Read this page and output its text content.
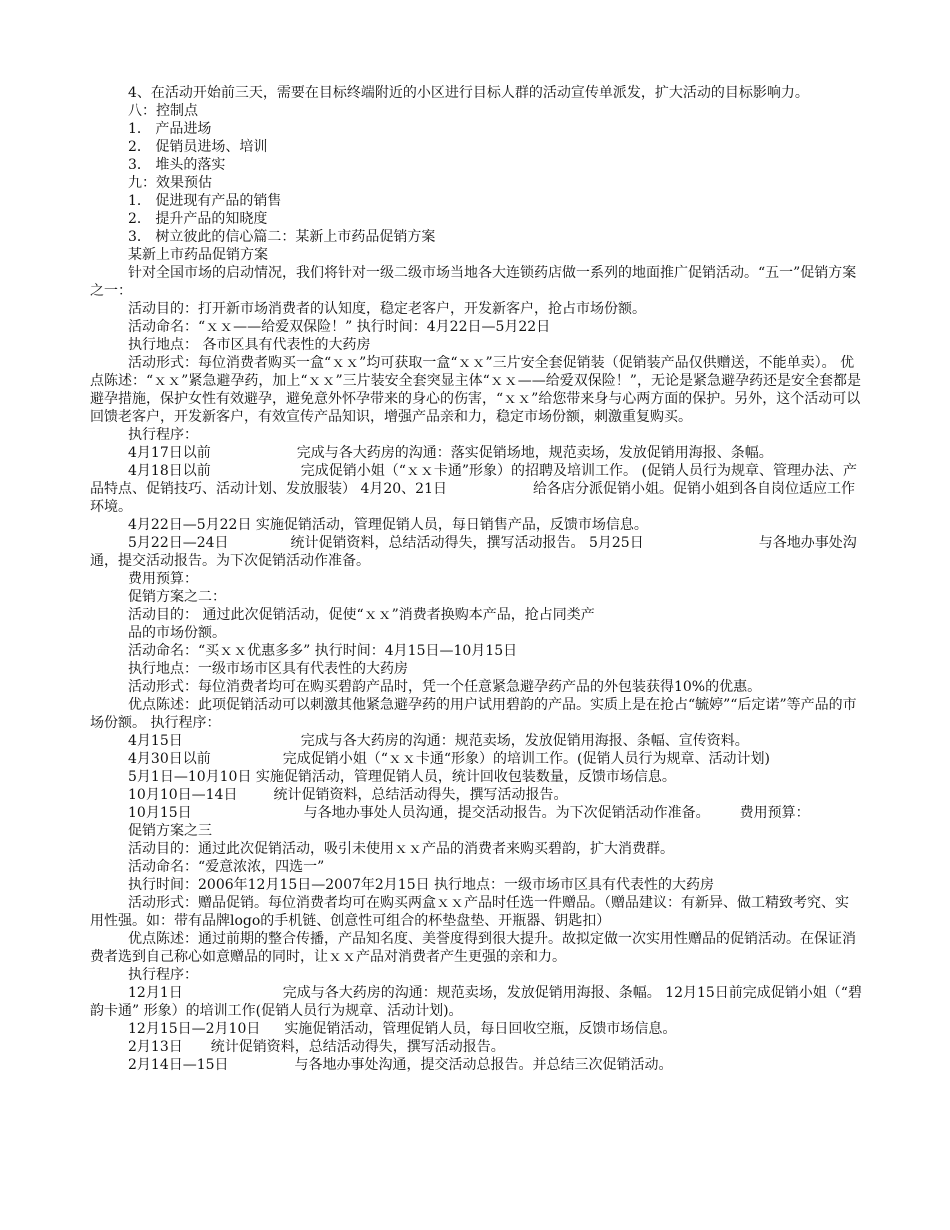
4、在活动开始前三天，需要在目标终端附近的小区进行目标人群的活动宣传单派发，扩大活动的目标影响力。

八：控制点

1． 产品进场

2． 促销员进场、培训

3． 堆头的落实

九：效果预估

1． 促进现有产品的销售

2． 提升产品的知晓度

3． 树立彼此的信心篇二：某新上市药品促销方案

某新上市药品促销方案

针对全国市场的启动情况，我们将针对一级二级市场当地各大连锁药店做一系列的地面推广促销活动。“五一”促销方案之一：

活动目的：打开新市场消费者的认知度，稳定老客户，开发新客户，抢占市场份额。

活动命名：“ｘｘ——给爱双保险！” 执行时间：4月22日—5月22日

执行地点： 各市区具有代表性的大药房

活动形式：每位消费者购买一盒“ｘｘ”均可获取一盒“ｘｘ”三片安全套促销装（促销装产品仅供赠送，不能单卖）。 优点陈述：“ｘｘ”紧急避孕药，加上“ｘｘ”三片装安全套突显主体“ｘｘ——给爱双保险！”，无论是紧急避孕药还是安全套都是避孕措施，保护女性有效避孕，避免意外怀孕带来的身心的伤害，“ｘｘ”给您带来身与心两方面的保护。另外，这个活动可以回馈老客户，开发新客户，有效宣传产品知识，增强产品亲和力，稳定市场份额，刺激重复购买。

执行程序：

4月17日以前	完成与各大药房的沟通：落实促销场地，规范卖场，发放促销用海报、条幅。

4月18日以前	完成促销小姐（“ｘｘ卡通”形象）的招聘及培训工作。 (促销人员行为规章、管理办法、产品特点、促销技巧、活动计划、发放服装） 4月20、21日	给各店分派促销小姐。促销小姐到各自岗位适应工作环境。

4月22日—5月22日 实施促销活动，管理促销人员，每日销售产品，反馈市场信息。

5月22日—24日	统计促销资料，总结活动得失，撰写活动报告。 5月25日	与各地办事处沟通，提交活动报告。为下次促销活动作准备。

费用预算：

促销方案之二：

活动目的： 通过此次促销活动，促使“ｘｘ”消费者换购本产品，抢占同类产

品的市场份额。

活动命名：“买ｘｘ优惠多多” 执行时间：4月15日—10月15日

执行地点：一级市场市区具有代表性的大药房

活动形式：每位消费者均可在购买碧韵产品时，凭一个任意紧急避孕药产品的外包装获得10%的优惠。

优点陈述：此项促销活动可以刺激其他紧急避孕药的用户试用碧韵的产品。实质上是在抢占“毓婷”“后定诺”等产品的市场份额。 执行程序：

4月15日	完成与各大药房的沟通：规范卖场，发放促销用海报、条幅、宣传资料。

4月30日以前	完成促销小姐（“ｘｘ卡通“形象）的培训工作。(促销人员行为规章、活动计划)

5月1日—10月10日 实施促销活动，管理促销人员，统计回收包装数量，反馈市场信息。

10月10日—14日	统计促销资料，总结活动得失，撰写活动报告。

10月15日	与各地办事处人员沟通，提交活动报告。为下次促销活动作准备。 费用预算：

促销方案之三

活动目的：通过此次促销活动，吸引未使用ｘｘ产品的消费者来购买碧韵，扩大消费群。

活动命名：“爱意浓浓，四选一”

执行时间：2006年12月15日—2007年2月15日 执行地点：一级市场市区具有代表性的大药房

活动形式：赠品促销。每位消费者均可在购买两盒ｘｘ产品时任选一件赠品。（赠品建议：有新异、做工精致考究、实用性强。如：带有品牌logo的手机链、创意性可组合的杯垫盘垫、开瓶器、钥匙扣）

优点陈述：通过前期的整合传播，产品知名度、美誉度得到很大提升。故拟定做一次实用性赠品的促销活动。在保证消费者选到自己称心如意赠品的同时，让ｘｘ产品对消费者产生更强的亲和力。

执行程序：

12月1日	完成与各大药房的沟通：规范卖场，发放促销用海报、条幅。 12月15日前完成促销小姐（“碧韵卡通” 形象）的培训工作(促销人员行为规章、活动计划)。

12月15日—2月10日 实施促销活动，管理促销人员，每日回收空瓶，反馈市场信息。

2月13日 统计促销资料，总结活动得失，撰写活动报告。

2月14日—15日	与各地办事处沟通，提交活动总报告。并总结三次促销活动。
